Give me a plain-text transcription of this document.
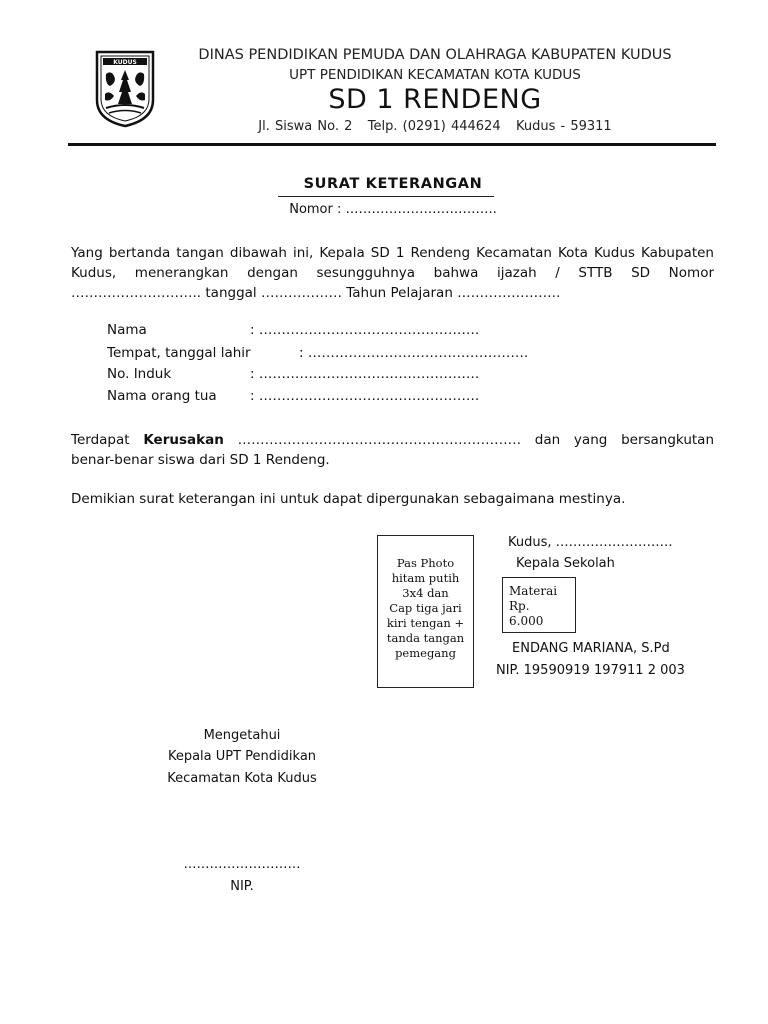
KUDUS	DINAS PENDIDIKAN PEMUDA DAN OLAHRAGA KABUPATEN KUDUS
UPT PENDIDIKAN KECAMATAN KOTA KUDUS
SD 1 RENDENG
Jl. Siswa No. 2   Telp. (0291) 444624   Kudus - 59311
SURAT KETERANGAN
Nomor : ……………………………..
Yang bertanda tangan dibawah ini, Kepala SD 1 Rendeng Kecamatan Kota Kudus Kabupaten
Kudus, menerangkan dengan sesungguhnya bahwa ijazah / STTB SD Nomor
……………………….. tanggal ……………… Tahun Pelajaran …………………..
Nama	: ………………………………………….
Tempat, tanggal lahir	: ………………………………………….
No. Induk	: ………………………………………….
Nama orang tua : ………………………………………….
Terdapat Kerusakan ……………………………………………………… dan yang bersangkutan
benar-benar siswa dari SD 1 Rendeng.
Demikian surat keterangan ini untuk dapat dipergunakan sebagaimana mestinya.
Pas Photo
hitam putih
3x4 dan
Cap tiga jari
kiri tengan +
tanda tangan
pemegang
Kudus, ………………………
Kepala Sekolah
Materai
Rp.
6.000
ENDANG MARIANA, S.Pd
NIP. 19590919 197911 2 003
Mengetahui
Kepala UPT Pendidikan
Kecamatan Kota Kudus
………………………
NIP.
